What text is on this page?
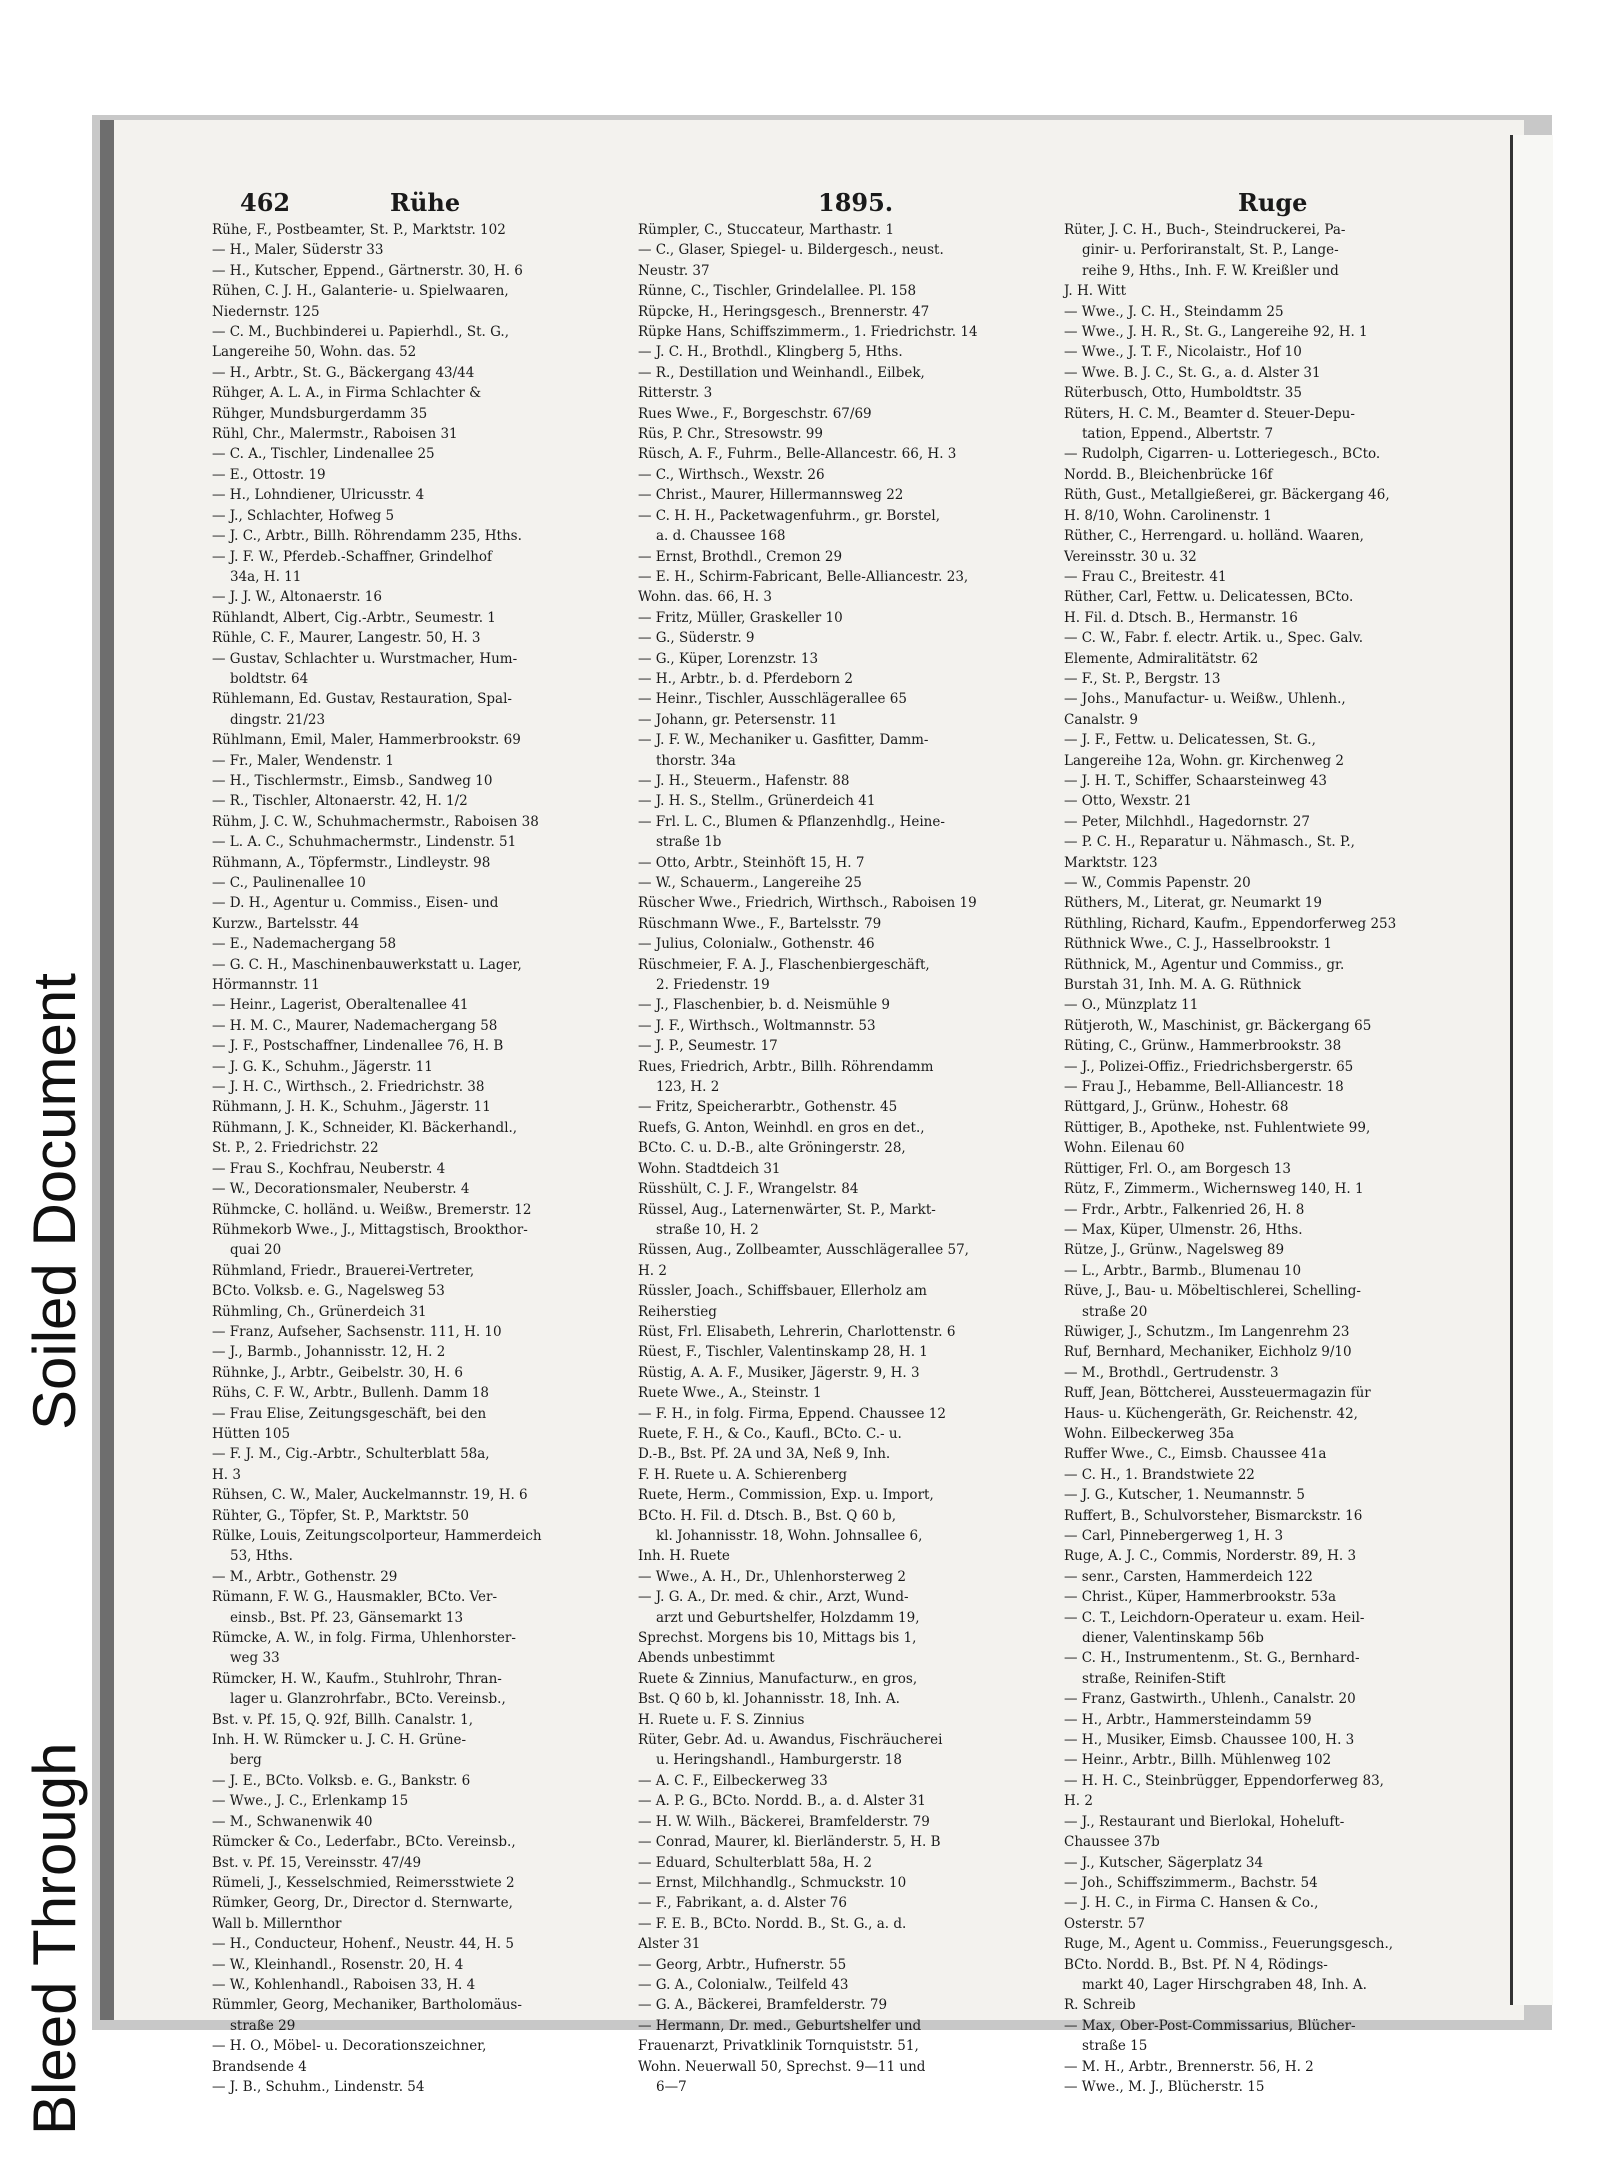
Bleed Through
Soiled Document
462	Rühe	1895.	Ruge
Rühe, F., Postbeamter, St. P., Marktstr. 102
— H., Maler, Süderstr 33
— H., Kutscher, Eppend., Gärtnerstr. 30, H. 6
Rühen, C. J. H., Galanterie- u. Spielwaaren,
Niedernstr. 125
— C. M., Buchbinderei u. Papierhdl., St. G.,
Langereihe 50, Wohn. das. 52
— H., Arbtr., St. G., Bäckergang 43/44
Rühger, A. L. A., in Firma Schlachter &
Rühger, Mundsburgerdamm 35
Rühl, Chr., Malermstr., Raboisen 31
— C. A., Tischler, Lindenallee 25
— E., Ottostr. 19
— H., Lohndiener, Ulricusstr. 4
— J., Schlachter, Hofweg 5
— J. C., Arbtr., Billh. Röhrendamm 235, Hths.
— J. F. W., Pferdeb.-Schaffner, Grindelhof
34a, H. 11
— J. J. W., Altonaerstr. 16
Rühlandt, Albert, Cig.-Arbtr., Seumestr. 1
Rühle, C. F., Maurer, Langestr. 50, H. 3
— Gustav, Schlachter u. Wurstmacher, Hum-
boldtstr. 64
Rühlemann, Ed. Gustav, Restauration, Spal-
dingstr. 21/23
Rühlmann, Emil, Maler, Hammerbrookstr. 69
— Fr., Maler, Wendenstr. 1
— H., Tischlermstr., Eimsb., Sandweg 10
— R., Tischler, Altonaerstr. 42, H. 1/2
Rühm, J. C. W., Schuhmachermstr., Raboisen 38
— L. A. C., Schuhmachermstr., Lindenstr. 51
Rühmann, A., Töpfermstr., Lindleystr. 98
— C., Paulinenallee 10
— D. H., Agentur u. Commiss., Eisen- und
Kurzw., Bartelsstr. 44
— E., Nademachergang 58
— G. C. H., Maschinenbauwerkstatt u. Lager,
Hörmannstr. 11
— Heinr., Lagerist, Oberaltenallee 41
— H. M. C., Maurer, Nademachergang 58
— J. F., Postschaffner, Lindenallee 76, H. B
— J. G. K., Schuhm., Jägerstr. 11
— J. H. C., Wirthsch., 2. Friedrichstr. 38
Rühmann, J. H. K., Schuhm., Jägerstr. 11
Rühmann, J. K., Schneider, Kl. Bäckerhandl.,
St. P., 2. Friedrichstr. 22
— Frau S., Kochfrau, Neuberstr. 4
— W., Decorationsmaler, Neuberstr. 4
Rühmcke, C. holländ. u. Weißw., Bremerstr. 12
Rühmekorb Wwe., J., Mittagstisch, Brookthor-
quai 20
Rühmland, Friedr., Brauerei-Vertreter,
BCto. Volksb. e. G., Nagelsweg 53
Rühmling, Ch., Grünerdeich 31
— Franz, Aufseher, Sachsenstr. 111, H. 10
— J., Barmb., Johannisstr. 12, H. 2
Rühnke, J., Arbtr., Geibelstr. 30, H. 6
Rühs, C. F. W., Arbtr., Bullenh. Damm 18
— Frau Elise, Zeitungsgeschäft, bei den
Hütten 105
— F. J. M., Cig.-Arbtr., Schulterblatt 58a,
H. 3
Rühsen, C. W., Maler, Auckelmannstr. 19, H. 6
Rühter, G., Töpfer, St. P., Marktstr. 50
Rülke, Louis, Zeitungscolporteur, Hammerdeich
53, Hths.
— M., Arbtr., Gothenstr. 29
Rümann, F. W. G., Hausmakler, BCto. Ver-
einsb., Bst. Pf. 23, Gänsemarkt 13
Rümcke, A. W., in folg. Firma, Uhlenhorster-
weg 33
Rümcker, H. W., Kaufm., Stuhlrohr, Thran-
lager u. Glanzrohrfabr., BCto. Vereinsb.,
Bst. v. Pf. 15, Q. 92f, Billh. Canalstr. 1,
Inh. H. W. Rümcker u. J. C. H. Grüne-
berg
— J. E., BCto. Volksb. e. G., Bankstr. 6
— Wwe., J. C., Erlenkamp 15
— M., Schwanenwik 40
Rümcker & Co., Lederfabr., BCto. Vereinsb.,
Bst. v. Pf. 15, Vereinsstr. 47/49
Rümeli, J., Kesselschmied, Reimersstwiete 2
Rümker, Georg, Dr., Director d. Sternwarte,
Wall b. Millernthor
— H., Conducteur, Hohenf., Neustr. 44, H. 5
— W., Kleinhandl., Rosenstr. 20, H. 4
— W., Kohlenhandl., Raboisen 33, H. 4
Rümmler, Georg, Mechaniker, Bartholomäus-
straße 29
— H. O., Möbel- u. Decorationszeichner,
Brandsende 4
— J. B., Schuhm., Lindenstr. 54
Rümpler, C., Stuccateur, Marthastr. 1
— C., Glaser, Spiegel- u. Bildergesch., neust.
Neustr. 37
Rünne, C., Tischler, Grindelallee. Pl. 158
Rüpcke, H., Heringsgesch., Brennerstr. 47
Rüpke Hans, Schiffszimmerm., 1. Friedrichstr. 14
— J. C. H., Brothdl., Klingberg 5, Hths.
— R., Destillation und Weinhandl., Eilbek,
Ritterstr. 3
Rues Wwe., F., Borgeschstr. 67/69
Rüs, P. Chr., Stresowstr. 99
Rüsch, A. F., Fuhrm., Belle-Allancestr. 66, H. 3
— C., Wirthsch., Wexstr. 26
— Christ., Maurer, Hillermannsweg 22
— C. H. H., Packetwagenfuhrm., gr. Borstel,
a. d. Chaussee 168
— Ernst, Brothdl., Cremon 29
— E. H., Schirm-Fabricant, Belle-Alliancestr. 23,
Wohn. das. 66, H. 3
— Fritz, Müller, Graskeller 10
— G., Süderstr. 9
— G., Küper, Lorenzstr. 13
— H., Arbtr., b. d. Pferdeborn 2
— Heinr., Tischler, Ausschlägerallee 65
— Johann, gr. Petersenstr. 11
— J. F. W., Mechaniker u. Gasfitter, Damm-
thorstr. 34a
— J. H., Steuerm., Hafenstr. 88
— J. H. S., Stellm., Grünerdeich 41
— Frl. L. C., Blumen & Pflanzenhdlg., Heine-
straße 1b
— Otto, Arbtr., Steinhöft 15, H. 7
— W., Schauerm., Langereihe 25
Rüscher Wwe., Friedrich, Wirthsch., Raboisen 19
Rüschmann Wwe., F., Bartelsstr. 79
— Julius, Colonialw., Gothenstr. 46
Rüschmeier, F. A. J., Flaschenbiergeschäft,
2. Friedenstr. 19
— J., Flaschenbier, b. d. Neismühle 9
— J. F., Wirthsch., Woltmannstr. 53
— J. P., Seumestr. 17
Rues, Friedrich, Arbtr., Billh. Röhrendamm
123, H. 2
— Fritz, Speicherarbtr., Gothenstr. 45
Ruefs, G. Anton, Weinhdl. en gros en det.,
BCto. C. u. D.-B., alte Gröningerstr. 28,
Wohn. Stadtdeich 31
Rüsshült, C. J. F., Wrangelstr. 84
Rüssel, Aug., Laternenwärter, St. P., Markt-
straße 10, H. 2
Rüssen, Aug., Zollbeamter, Ausschlägerallee 57,
H. 2
Rüssler, Joach., Schiffsbauer, Ellerholz am
Reiherstieg
Rüst, Frl. Elisabeth, Lehrerin, Charlottenstr. 6
Rüest, F., Tischler, Valentinskamp 28, H. 1
Rüstig, A. A. F., Musiker, Jägerstr. 9, H. 3
Ruete Wwe., A., Steinstr. 1
— F. H., in folg. Firma, Eppend. Chaussee 12
Ruete, F. H., & Co., Kaufl., BCto. C.- u.
D.-B., Bst. Pf. 2A und 3A, Neß 9, Inh.
F. H. Ruete u. A. Schierenberg
Ruete, Herm., Commission, Exp. u. Import,
BCto. H. Fil. d. Dtsch. B., Bst. Q 60 b,
kl. Johannisstr. 18, Wohn. Johnsallee 6,
Inh. H. Ruete
— Wwe., A. H., Dr., Uhlenhorsterweg 2
— J. G. A., Dr. med. & chir., Arzt, Wund-
arzt und Geburtshelfer, Holzdamm 19,
Sprechst. Morgens bis 10, Mittags bis 1,
Abends unbestimmt
Ruete & Zinnius, Manufacturw., en gros,
Bst. Q 60 b, kl. Johannisstr. 18, Inh. A.
H. Ruete u. F. S. Zinnius
Rüter, Gebr. Ad. u. Awandus, Fischräucherei
u. Heringshandl., Hamburgerstr. 18
— A. C. F., Eilbeckerweg 33
— A. P. G., BCto. Nordd. B., a. d. Alster 31
— H. W. Wilh., Bäckerei, Bramfelderstr. 79
— Conrad, Maurer, kl. Bierländerstr. 5, H. B
— Eduard, Schulterblatt 58a, H. 2
— Ernst, Milchhandlg., Schmuckstr. 10
— F., Fabrikant, a. d. Alster 76
— F. E. B., BCto. Nordd. B., St. G., a. d.
Alster 31
— Georg, Arbtr., Hufnerstr. 55
— G. A., Colonialw., Teilfeld 43
— G. A., Bäckerei, Bramfelderstr. 79
— Hermann, Dr. med., Geburtshelfer und
Frauenarzt, Privatklinik Tornquiststr. 51,
Wohn. Neuerwall 50, Sprechst. 9—11 und
6—7
Rüter, J. C. H., Buch-, Steindruckerei, Pa-
ginir- u. Perforiranstalt, St. P., Lange-
reihe 9, Hths., Inh. F. W. Kreißler und
J. H. Witt
— Wwe., J. C. H., Steindamm 25
— Wwe., J. H. R., St. G., Langereihe 92, H. 1
— Wwe., J. T. F., Nicolaistr., Hof 10
— Wwe. B. J. C., St. G., a. d. Alster 31
Rüterbusch, Otto, Humboldtstr. 35
Rüters, H. C. M., Beamter d. Steuer-Depu-
tation, Eppend., Albertstr. 7
— Rudolph, Cigarren- u. Lotteriegesch., BCto.
Nordd. B., Bleichenbrücke 16f
Rüth, Gust., Metallgießerei, gr. Bäckergang 46,
H. 8/10, Wohn. Carolinenstr. 1
Rüther, C., Herrengard. u. holländ. Waaren,
Vereinsstr. 30 u. 32
— Frau C., Breitestr. 41
Rüther, Carl, Fettw. u. Delicatessen, BCto.
H. Fil. d. Dtsch. B., Hermanstr. 16
— C. W., Fabr. f. electr. Artik. u., Spec. Galv.
Elemente, Admiralitätstr. 62
— F., St. P., Bergstr. 13
— Johs., Manufactur- u. Weißw., Uhlenh.,
Canalstr. 9
— J. F., Fettw. u. Delicatessen, St. G.,
Langereihe 12a, Wohn. gr. Kirchenweg 2
— J. H. T., Schiffer, Schaarsteinweg 43
— Otto, Wexstr. 21
— Peter, Milchhdl., Hagedornstr. 27
— P. C. H., Reparatur u. Nähmasch., St. P.,
Marktstr. 123
— W., Commis Papenstr. 20
Rüthers, M., Literat, gr. Neumarkt 19
Rüthling, Richard, Kaufm., Eppendorferweg 253
Rüthnick Wwe., C. J., Hasselbrookstr. 1
Rüthnick, M., Agentur und Commiss., gr.
Burstah 31, Inh. M. A. G. Rüthnick
— O., Münzplatz 11
Rütjeroth, W., Maschinist, gr. Bäckergang 65
Rüting, C., Grünw., Hammerbrookstr. 38
— J., Polizei-Offiz., Friedrichsbergerstr. 65
— Frau J., Hebamme, Bell-Alliancestr. 18
Rüttgard, J., Grünw., Hohestr. 68
Rüttiger, B., Apotheke, nst. Fuhlentwiete 99,
Wohn. Eilenau 60
Rüttiger, Frl. O., am Borgesch 13
Rütz, F., Zimmerm., Wichernsweg 140, H. 1
— Frdr., Arbtr., Falkenried 26, H. 8
— Max, Küper, Ulmenstr. 26, Hths.
Rütze, J., Grünw., Nagelsweg 89
— L., Arbtr., Barmb., Blumenau 10
Rüve, J., Bau- u. Möbeltischlerei, Schelling-
straße 20
Rüwiger, J., Schutzm., Im Langenrehm 23
Ruf, Bernhard, Mechaniker, Eichholz 9/10
— M., Brothdl., Gertrudenstr. 3
Ruff, Jean, Böttcherei, Aussteuermagazin für
Haus- u. Küchengeräth, Gr. Reichenstr. 42,
Wohn. Eilbeckerweg 35a
Ruffer Wwe., C., Eimsb. Chaussee 41a
— C. H., 1. Brandstwiete 22
— J. G., Kutscher, 1. Neumannstr. 5
Ruffert, B., Schulvorsteher, Bismarckstr. 16
— Carl, Pinnebergerweg 1, H. 3
Ruge, A. J. C., Commis, Norderstr. 89, H. 3
— senr., Carsten, Hammerdeich 122
— Christ., Küper, Hammerbrookstr. 53a
— C. T., Leichdorn-Operateur u. exam. Heil-
diener, Valentinskamp 56b
— C. H., Instrumentenm., St. G., Bernhard-
straße, Reinifen-Stift
— Franz, Gastwirth., Uhlenh., Canalstr. 20
— H., Arbtr., Hammersteindamm 59
— H., Musiker, Eimsb. Chaussee 100, H. 3
— Heinr., Arbtr., Billh. Mühlenweg 102
— H. H. C., Steinbrügger, Eppendorferweg 83,
H. 2
— J., Restaurant und Bierlokal, Hoheluft-
Chaussee 37b
— J., Kutscher, Sägerplatz 34
— Joh., Schiffszimmerm., Bachstr. 54
— J. H. C., in Firma C. Hansen & Co.,
Osterstr. 57
Ruge, M., Agent u. Commiss., Feuerungsgesch.,
BCto. Nordd. B., Bst. Pf. N 4, Rödings-
markt 40, Lager Hirschgraben 48, Inh. A.
R. Schreib
— Max, Ober-Post-Commissarius, Blücher-
straße 15
— M. H., Arbtr., Brennerstr. 56, H. 2
— Wwe., M. J., Blücherstr. 15
